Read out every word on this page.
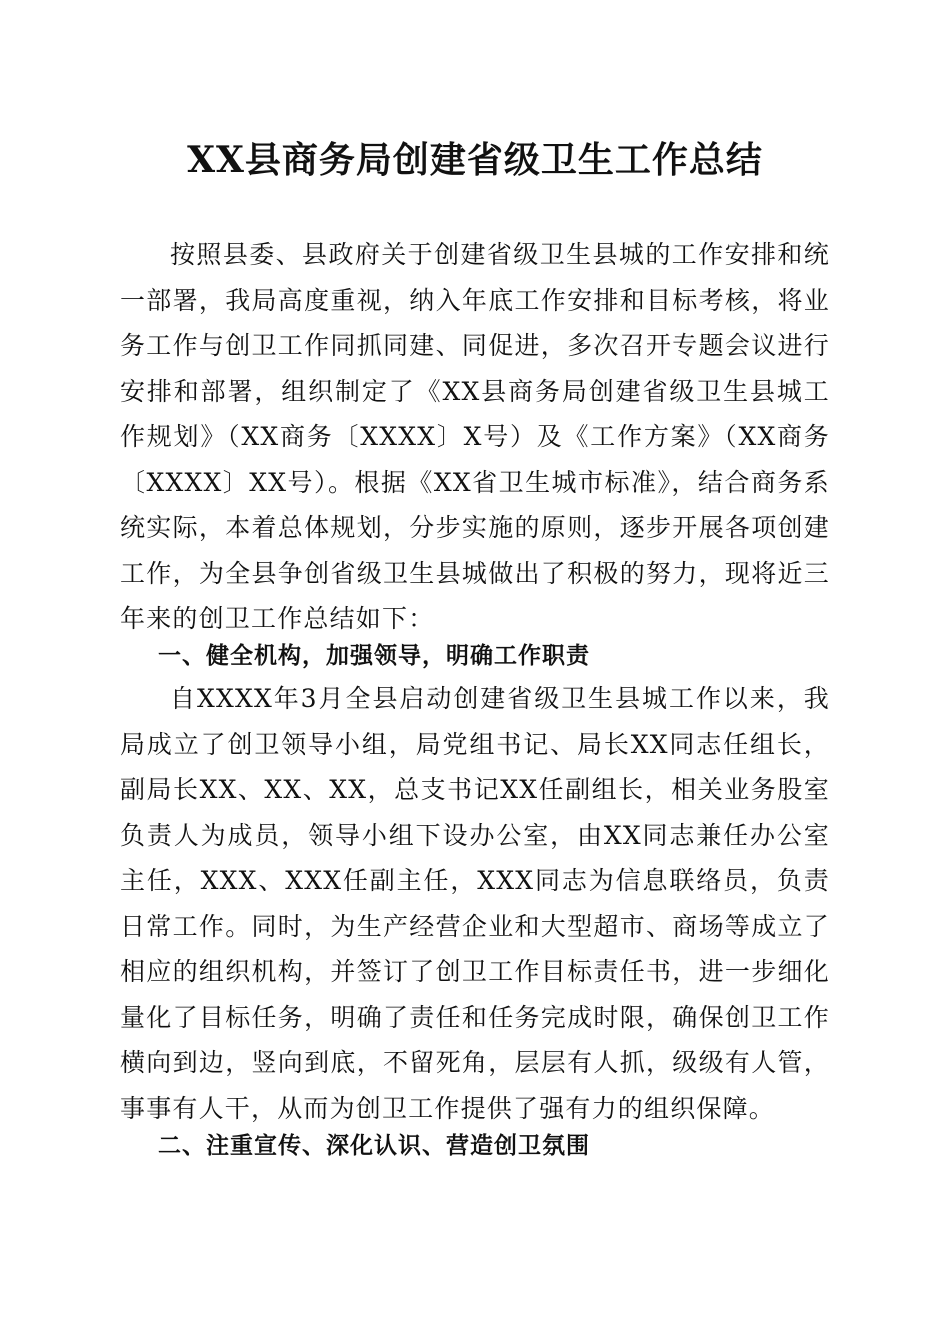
XX县商务局创建省级卫生工作总结

按照县委、县政府关于创建省级卫生县城的工作安排和统一部署，我局高度重视，纳入年底工作安排和目标考核，将业务工作与创卫工作同抓同建、同促进，多次召开专题会议进行安排和部署，组织制定了《XX县商务局创建省级卫生县城工作规划》（XX商务〔XXXX〕X号）及《工作方案》（XX商务〔XXXX〕XX号）。根据《XX省卫生城市标准》，结合商务系统实际，本着总体规划，分步实施的原则，逐步开展各项创建工作，为全县争创省级卫生县城做出了积极的努力，现将近三年来的创卫工作总结如下：

一、健全机构，加强领导，明确工作职责

自XXXX年3月全县启动创建省级卫生县城工作以来，我局成立了创卫领导小组，局党组书记、局长XX同志任组长，副局长XX、XX、XX，总支书记XX任副组长，相关业务股室负责人为成员，领导小组下设办公室，由XX同志兼任办公室主任，XXX、XXX任副主任，XXX同志为信息联络员，负责日常工作。同时，为生产经营企业和大型超市、商场等成立了相应的组织机构，并签订了创卫工作目标责任书，进一步细化量化了目标任务，明确了责任和任务完成时限，确保创卫工作横向到边，竖向到底，不留死角，层层有人抓，级级有人管，事事有人干，从而为创卫工作提供了强有力的组织保障。

二、注重宣传、深化认识、营造创卫氛围
